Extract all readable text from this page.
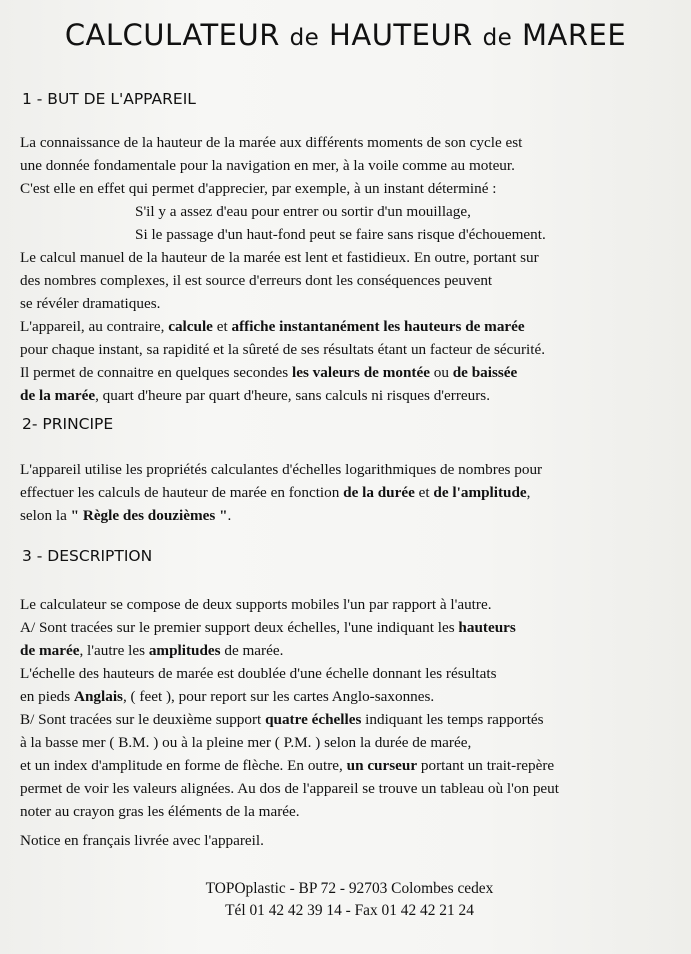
CALCULATEUR de HAUTEUR de MAREE
1 - BUT DE L'APPAREIL
La connaissance de la hauteur de la marée aux différents moments de son cycle est
une donnée fondamentale pour la navigation en mer, à la voile comme au moteur.
C'est elle en effet qui permet d'apprecier, par exemple, à un instant déterminé :
S'il y a assez d'eau pour entrer ou sortir d'un mouillage,
Si le passage d'un haut-fond peut se faire sans risque d'échouement.
Le calcul manuel de la hauteur de la marée est lent et fastidieux. En outre, portant sur
des nombres complexes, il est source d'erreurs dont les conséquences peuvent
se révéler dramatiques.
L'appareil, au contraire, calcule et affiche instantanément les hauteurs de marée
pour chaque instant, sa rapidité et la sûreté de ses résultats étant un facteur de sécurité.
Il permet de connaitre en quelques secondes les valeurs de montée ou de baissée
de la marée, quart d'heure par quart d'heure, sans calculs ni risques d'erreurs.
2- PRINCIPE
L'appareil utilise les propriétés calculantes d'échelles logarithmiques de nombres pour
effectuer les calculs de hauteur de marée en fonction de la durée et de l'amplitude,
selon la " Règle des douzièmes ".
3 - DESCRIPTION
Le calculateur se compose de deux supports mobiles l'un par rapport à l'autre.
A/ Sont tracées sur le premier support deux échelles, l'une indiquant les hauteurs
de marée, l'autre les amplitudes de marée.
L'échelle des hauteurs de marée est doublée d'une échelle donnant les résultats
en pieds Anglais, ( feet ), pour report sur les cartes Anglo-saxonnes.
B/ Sont tracées sur le deuxième support quatre échelles indiquant les temps rapportés
à la basse mer ( B.M. ) ou à la pleine mer ( P.M. ) selon la durée de marée,
et un index d'amplitude en forme de flèche. En outre, un curseur portant un trait-repère
permet de voir les valeurs alignées. Au dos de l'appareil se trouve un tableau où l'on peut
noter au crayon gras les éléments de la marée.
Notice en français livrée avec l'appareil.
TOPOplastic - BP 72 - 92703 Colombes cedex
Tél 01 42 42 39 14 - Fax 01 42 42 21 24
